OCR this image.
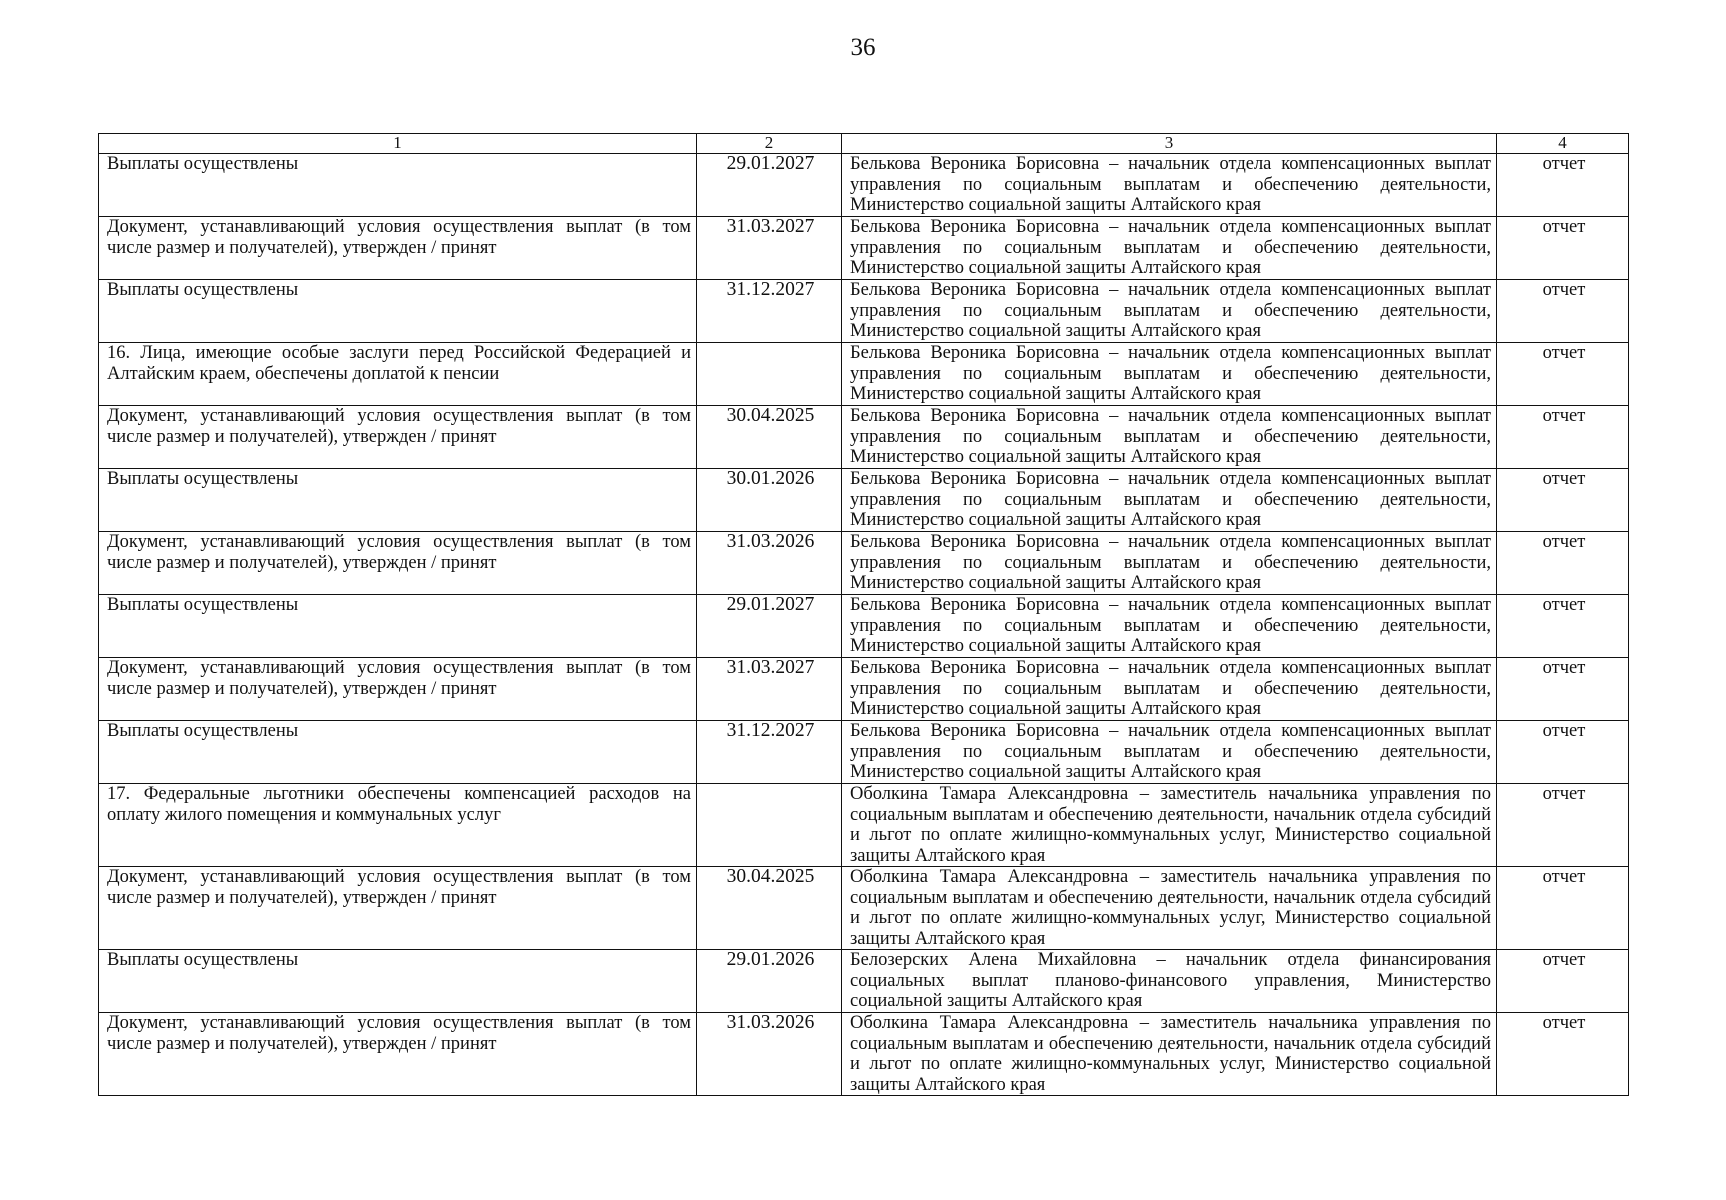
36
1	2	3	4
Выплаты осуществлены	29.01.2027	Белькова Вероника Борисовна – начальник отдела компенсационных выплат управления по социальным выплатам и обеспечению деятельности, Министерство социальной защиты Алтайского края	отчет
Документ, устанавливающий условия осуществления выплат (в том числе размер и получателей), утвержден / принят	31.03.2027	Белькова Вероника Борисовна – начальник отдела компенсационных выплат управления по социальным выплатам и обеспечению деятельности, Министерство социальной защиты Алтайского края	отчет
Выплаты осуществлены	31.12.2027	Белькова Вероника Борисовна – начальник отдела компенсационных выплат управления по социальным выплатам и обеспечению деятельности, Министерство социальной защиты Алтайского края	отчет
16. Лица, имеющие особые заслуги перед Российской Федерацией и Алтайским краем, обеспечены доплатой к пенсии		Белькова Вероника Борисовна – начальник отдела компенсационных выплат управления по социальным выплатам и обеспечению деятельности, Министерство социальной защиты Алтайского края	отчет
Документ, устанавливающий условия осуществления выплат (в том числе размер и получателей), утвержден / принят	30.04.2025	Белькова Вероника Борисовна – начальник отдела компенсационных выплат управления по социальным выплатам и обеспечению деятельности, Министерство социальной защиты Алтайского края	отчет
Выплаты осуществлены	30.01.2026	Белькова Вероника Борисовна – начальник отдела компенсационных выплат управления по социальным выплатам и обеспечению деятельности, Министерство социальной защиты Алтайского края	отчет
Документ, устанавливающий условия осуществления выплат (в том числе размер и получателей), утвержден / принят	31.03.2026	Белькова Вероника Борисовна – начальник отдела компенсационных выплат управления по социальным выплатам и обеспечению деятельности, Министерство социальной защиты Алтайского края	отчет
Выплаты осуществлены	29.01.2027	Белькова Вероника Борисовна – начальник отдела компенсационных выплат управления по социальным выплатам и обеспечению деятельности, Министерство социальной защиты Алтайского края	отчет
Документ, устанавливающий условия осуществления выплат (в том числе размер и получателей), утвержден / принят	31.03.2027	Белькова Вероника Борисовна – начальник отдела компенсационных выплат управления по социальным выплатам и обеспечению деятельности, Министерство социальной защиты Алтайского края	отчет
Выплаты осуществлены	31.12.2027	Белькова Вероника Борисовна – начальник отдела компенсационных выплат управления по социальным выплатам и обеспечению деятельности, Министерство социальной защиты Алтайского края	отчет
17. Федеральные льготники обеспечены компенсацией расходов на оплату жилого помещения и коммунальных услуг		Оболкина Тамара Александровна – заместитель начальника управления по социальным выплатам и обеспечению деятельности, начальник отдела субсидий и льгот по оплате жилищно-коммунальных услуг, Министерство социальной защиты Алтайского края	отчет
Документ, устанавливающий условия осуществления выплат (в том числе размер и получателей), утвержден / принят	30.04.2025	Оболкина Тамара Александровна – заместитель начальника управления по социальным выплатам и обеспечению деятельности, начальник отдела субсидий и льгот по оплате жилищно-коммунальных услуг, Министерство социальной защиты Алтайского края	отчет
Выплаты осуществлены	29.01.2026	Белозерских Алена Михайловна – начальник отдела финансирования социальных выплат планово-финансового управления, Министерство социальной защиты Алтайского края	отчет
Документ, устанавливающий условия осуществления выплат (в том числе размер и получателей), утвержден / принят	31.03.2026	Оболкина Тамара Александровна – заместитель начальника управления по социальным выплатам и обеспечению деятельности, начальник отдела субсидий и льгот по оплате жилищно-коммунальных услуг, Министерство социальной защиты Алтайского края	отчет
